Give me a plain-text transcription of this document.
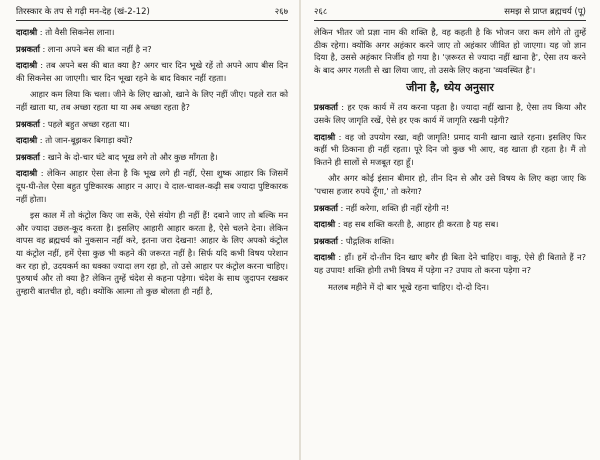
तिरस्कार के तप से गढ़ी मन-देह (खं-2-12)	२६७

दादाश्री : तो वैसी सिकनेस लाना।

प्रश्नकर्ता : लाना अपने बस की बात नहीं है न?

दादाश्री : तब अपने बस की बात क्या है? अगर चार दिन भूखे रहें तो अपने आप बीस दिन की सिकनेस आ जाएगी। चार दिन भूखा रहने के बाद विकार नहीं रहता।

आहार कम लिया कि चला। जीने के लिए खाओ, खाने के लिए नहीं जीए। पहले रात को नहीं खाता था, तब अच्छा रहता था या अब अच्छा रहता है?

प्रश्नकर्ता : पहले बहुत अच्छा रहता था।

दादाश्री : तो जान-बूझकर बिगाड़ा क्यों?

प्रश्नकर्ता : खाने के दो-चार घंटे बाद भूख लगे तो और कुछ माँगता है।

दादाश्री : लेकिन आहार ऐसा लेना है कि भूख लगे ही नहीं, ऐसा शुष्क आहार कि जिसमें दूध-घी-तेल ऐसा बहुत पुष्टिकारक आहार न आए। ये दाल-चावल-कढ़ी सब ज्यादा पुष्टिकारक नहीं होता।

इस काल में तो कंट्रोल किए जा सकें, ऐसे संयोग ही नहीं हैं! दबाने जाए तो बल्कि मन और ज्यादा उछल-कूद करता है। इसलिए आहारी आहार करता है, ऐसे चलने देना। लेकिन वापस वह ब्रह्मचर्य को नुकसान नहीं करे, इतना जरा देखना! आहार के लिए अपको कंट्रोल या कंट्रोल नहीं, हमें ऐसा कुछ भी कहने की जरूरत नहीं है। सिर्फ यदि कभी विषय परेशान कर रहा हो, उदयकर्म का धक्का ज्यादा लग रहा हो, तो उसे आहार पर कंट्रोल करना चाहिए। पुरुषार्थ और तो क्या है? लेकिन तुम्हें चंदेश से कहना पड़ेगा। चंदेश के साथ जुदापन रखकर तुम्हारी बातचीत हो, वही। क्योंकि आत्मा तो कुछ बोलता ही नहीं है,

२६८	समझ से प्राप्त ब्रह्मचर्य (पू)

लेकिन भीतर जो प्रज्ञा नाम की शक्ति है, वह कहती है कि भोजन जरा कम लोगे तो तुम्हें ठीक रहेगा। क्योंकि अगर अहंकार करने जाए तो अहंकार जीवित हो जाएगा। यह जो ज्ञान दिया है, उससे अहंकार निर्जीव हो गया है। 'ज़रूरत से ज्यादा नहीं खाना है', ऐसा तय करने के बाद अगर गलती से खा लिया जाए, तो उसके लिए कहना 'व्यवस्थित है'।

जीना है, ध्येय अनुसार

प्रश्नकर्ता : हर एक कार्य में तय करना पड़ता है। ज्यादा नहीं खाना है, ऐसा तय किया और उसके लिए जागृति रखें, ऐसे हर एक कार्य में जागृति रखनी पड़ेगी?

दादाश्री : वह जो उपयोग रखा, वही जागृति! प्रमाद यानी खाना खाते रहना। इसलिए फिर कहीं भी ठिकाना ही नहीं रहता। पूरे दिन जो कुछ भी आए, वह खाता ही रहता है। मैं तो कितने ही सालों से मजबूत रहा हूँ।

और अगर कोई इंसान बीमार हो, तीन दिन से और उसे विषय के लिए कहा जाए कि 'पचास हजार रुपये दूँगा,' तो करेगा?

प्रश्नकर्ता : नहीं करेगा, शक्ति ही नहीं रहेगी न!

दादाश्री : वह सब शक्ति करती है, आहार ही करता है यह सब।

प्रश्नकर्ता : पौद्गलिक शक्ति।

दादाश्री : हाँ। हमें दो-तीन दिन खाए बगैर ही बिता देने चाहिए। वाकू, ऐसे ही बिताते हैं न? यह उपाय! शक्ति होगी तभी विषय में पड़ेगा न? उपाय तो करना पड़ेगा न?

मतलब महीने में दो बार भूखे रहना चाहिए। दो-दो दिन।
